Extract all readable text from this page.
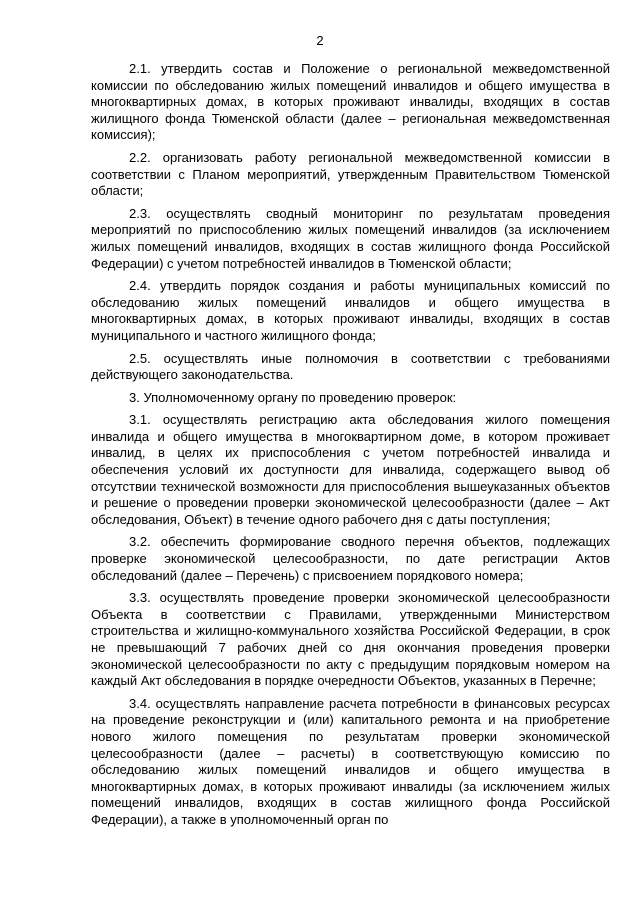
2

2.1. утвердить состав и Положение о региональной межведомственной комиссии по обследованию жилых помещений инвалидов и общего имущества в многоквартирных домах, в которых проживают инвалиды, входящих в состав жилищного фонда Тюменской области (далее – региональная межведомственная комиссия);

2.2. организовать работу региональной межведомственной комиссии в соответствии с Планом мероприятий, утвержденным Правительством Тюменской области;

2.3. осуществлять сводный мониторинг по результатам проведения мероприятий по приспособлению жилых помещений инвалидов (за исключением жилых помещений инвалидов, входящих в состав жилищного фонда Российской Федерации) с учетом потребностей инвалидов в Тюменской области;

2.4. утвердить порядок создания и работы муниципальных комиссий по обследованию жилых помещений инвалидов и общего имущества в многоквартирных домах, в которых проживают инвалиды, входящих в состав муниципального и частного жилищного фонда;

2.5. осуществлять иные полномочия в соответствии с требованиями действующего законодательства.

3. Уполномоченному органу по проведению проверок:

3.1. осуществлять регистрацию акта обследования жилого помещения инвалида и общего имущества в многоквартирном доме, в котором проживает инвалид, в целях их приспособления с учетом потребностей инвалида и обеспечения условий их доступности для инвалида, содержащего вывод об отсутствии технической возможности для приспособления вышеуказанных объектов и решение о проведении проверки экономической целесообразности (далее – Акт обследования, Объект) в течение одного рабочего дня с даты поступления;

3.2. обеспечить формирование сводного перечня объектов, подлежащих проверке экономической целесообразности, по дате регистрации Актов обследований (далее – Перечень) с присвоением порядкового номера;

3.3. осуществлять проведение проверки экономической целесообразности Объекта в соответствии с Правилами, утвержденными Министерством строительства и жилищно-коммунального хозяйства Российской Федерации, в срок не превышающий 7 рабочих дней со дня окончания проведения проверки экономической целесообразности по акту с предыдущим порядковым номером на каждый Акт обследования в порядке очередности Объектов, указанных в Перечне;

3.4. осуществлять направление расчета потребности в финансовых ресурсах на проведение реконструкции и (или) капитального ремонта и на приобретение нового жилого помещения по результатам проверки экономической целесообразности (далее – расчеты) в соответствующую комиссию по обследованию жилых помещений инвалидов и общего имущества в многоквартирных домах, в которых проживают инвалиды (за исключением жилых помещений инвалидов, входящих в состав жилищного фонда Российской Федерации), а также в уполномоченный орган по
